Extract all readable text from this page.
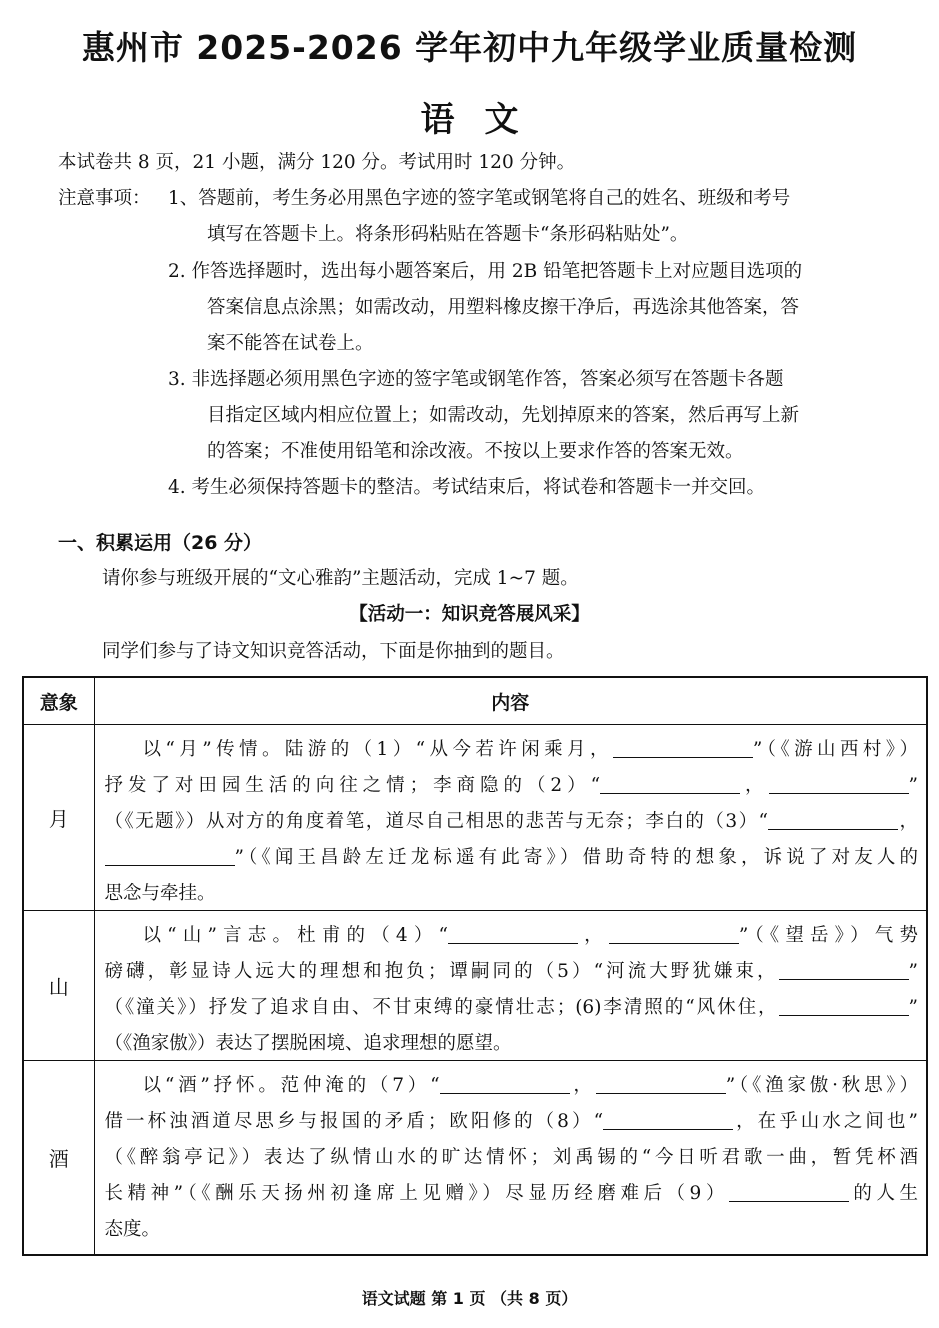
惠州市 2025-2026 学年初中九年级学业质量检测
语文
本试卷共 8 页，21 小题，满分 120 分。考试用时 120 分钟。
注意事项： 1、答题前，考生务必用黑色字迹的签字笔或钢笔将自己的姓名、班级和考号
填写在答题卡上。将条形码粘贴在答题卡“条形码粘贴处”。
2. 作答选择题时，选出每小题答案后，用 2B 铅笔把答题卡上对应题目选项的
答案信息点涂黑；如需改动，用塑料橡皮擦干净后，再选涂其他答案，答
案不能答在试卷上。
3. 非选择题必须用黑色字迹的签字笔或钢笔作答，答案必须写在答题卡各题
目指定区域内相应位置上；如需改动，先划掉原来的答案，然后再写上新
的答案；不准使用铅笔和涂改液。不按以上要求作答的答案无效。
4. 考生必须保持答题卡的整洁。考试结束后，将试卷和答题卡一并交回。
一、积累运用（26 分）
请你参与班级开展的“文心雅韵”主题活动，完成 1~7 题。
【活动一：知识竞答展风采】
同学们参与了诗文知识竞答活动，下面是你抽到的题目。
意象	内容
月	以“月”传情。陆游的（1）“从今若许闲乘月， ”（《游山西村》）
抒发了对田园生活的向往之情；李商隐的（2）“ ， ”
（《无题》）从对方的角度着笔，道尽自己相思的悲苦与无奈；李白的（3）“ ，
”（《闻王昌龄左迁龙标遥有此寄》）借助奇特的想象，诉说了对友人的
思念与牵挂。

山	以“山”言志。杜甫的（4）“ ， ”（《望岳》）气势
磅礴，彰显诗人远大的理想和抱负；谭嗣同的（5）“河流大野犹嫌束， ”
（《潼关》）抒发了追求自由、不甘束缚的豪情壮志；(6)李清照的“风休住， ”
（《渔家傲》）表达了摆脱困境、追求理想的愿望。

酒	以“酒”抒怀。范仲淹的（7）“ ， ”（《渔家傲·秋思》）
借一杯浊酒道尽思乡与报国的矛盾；欧阳修的（8）“ ，在乎山水之间也”
（《醉翁亭记》）表达了纵情山水的旷达情怀；刘禹锡的“今日听君歌一曲，暂凭杯酒
长精神”（《酬乐天扬州初逢席上见赠》）尽显历经磨难后（9） 的人生
态度。
语文试题 第 1 页 （共 8 页）
